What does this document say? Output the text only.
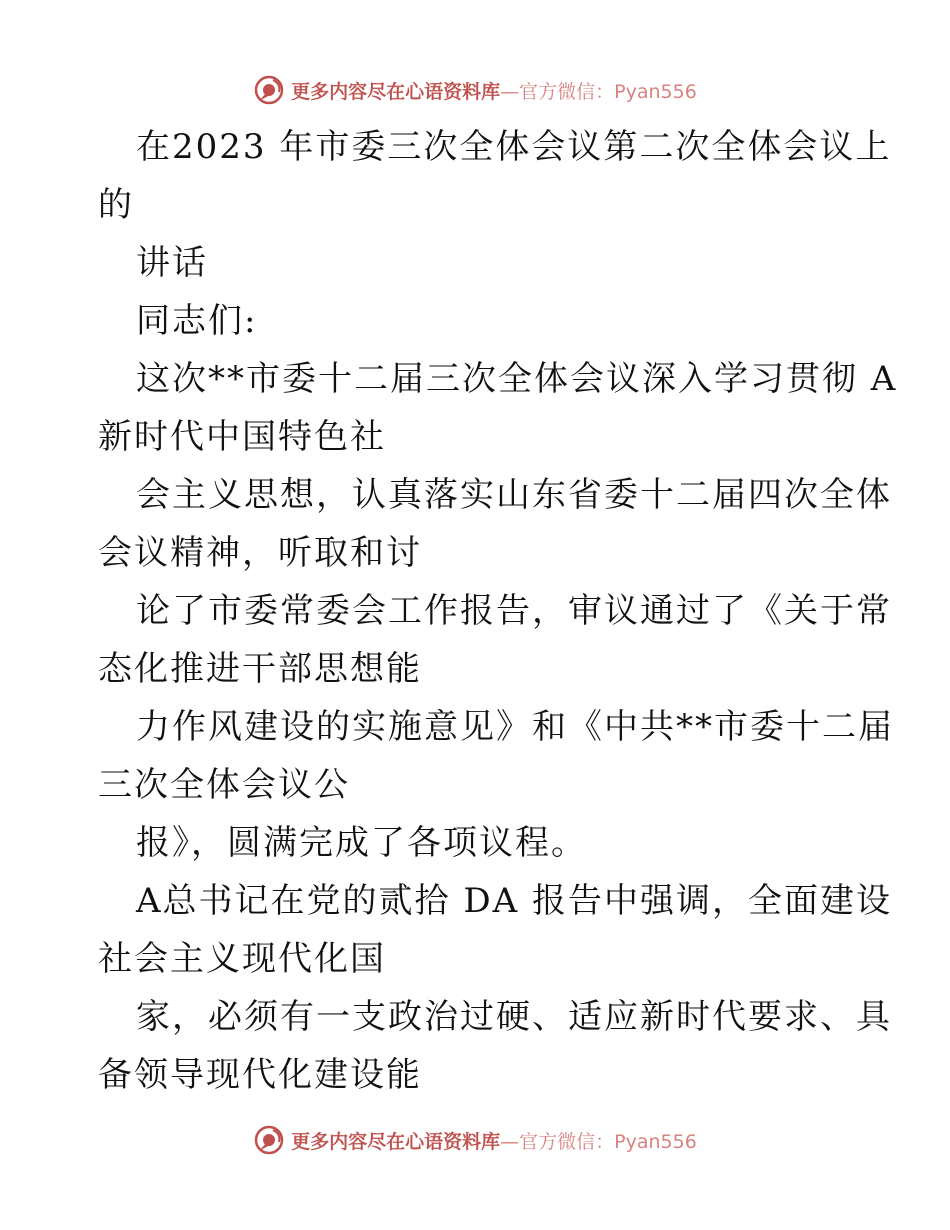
更多内容尽在心语资料库—官方微信：Pyan556
在2023 年市委三次全体会议第二次全体会议上
的
讲话
同志们:
这次**市委十二届三次全体会议深入学习贯彻 A
新时代中国特色社
会主义思想，认真落实山东省委十二届四次全体
会议精神，听取和讨
论了市委常委会工作报告，审议通过了《关于常
态化推进干部思想能
力作风建设的实施意见》和《中共**市委十二届
三次全体会议公
报》，圆满完成了各项议程。
A总书记在党的贰拾 DA 报告中强调，全面建设
社会主义现代化国
家，必须有一支政治过硬、适应新时代要求、具
备领导现代化建设能
更多内容尽在心语资料库—官方微信：Pyan556
